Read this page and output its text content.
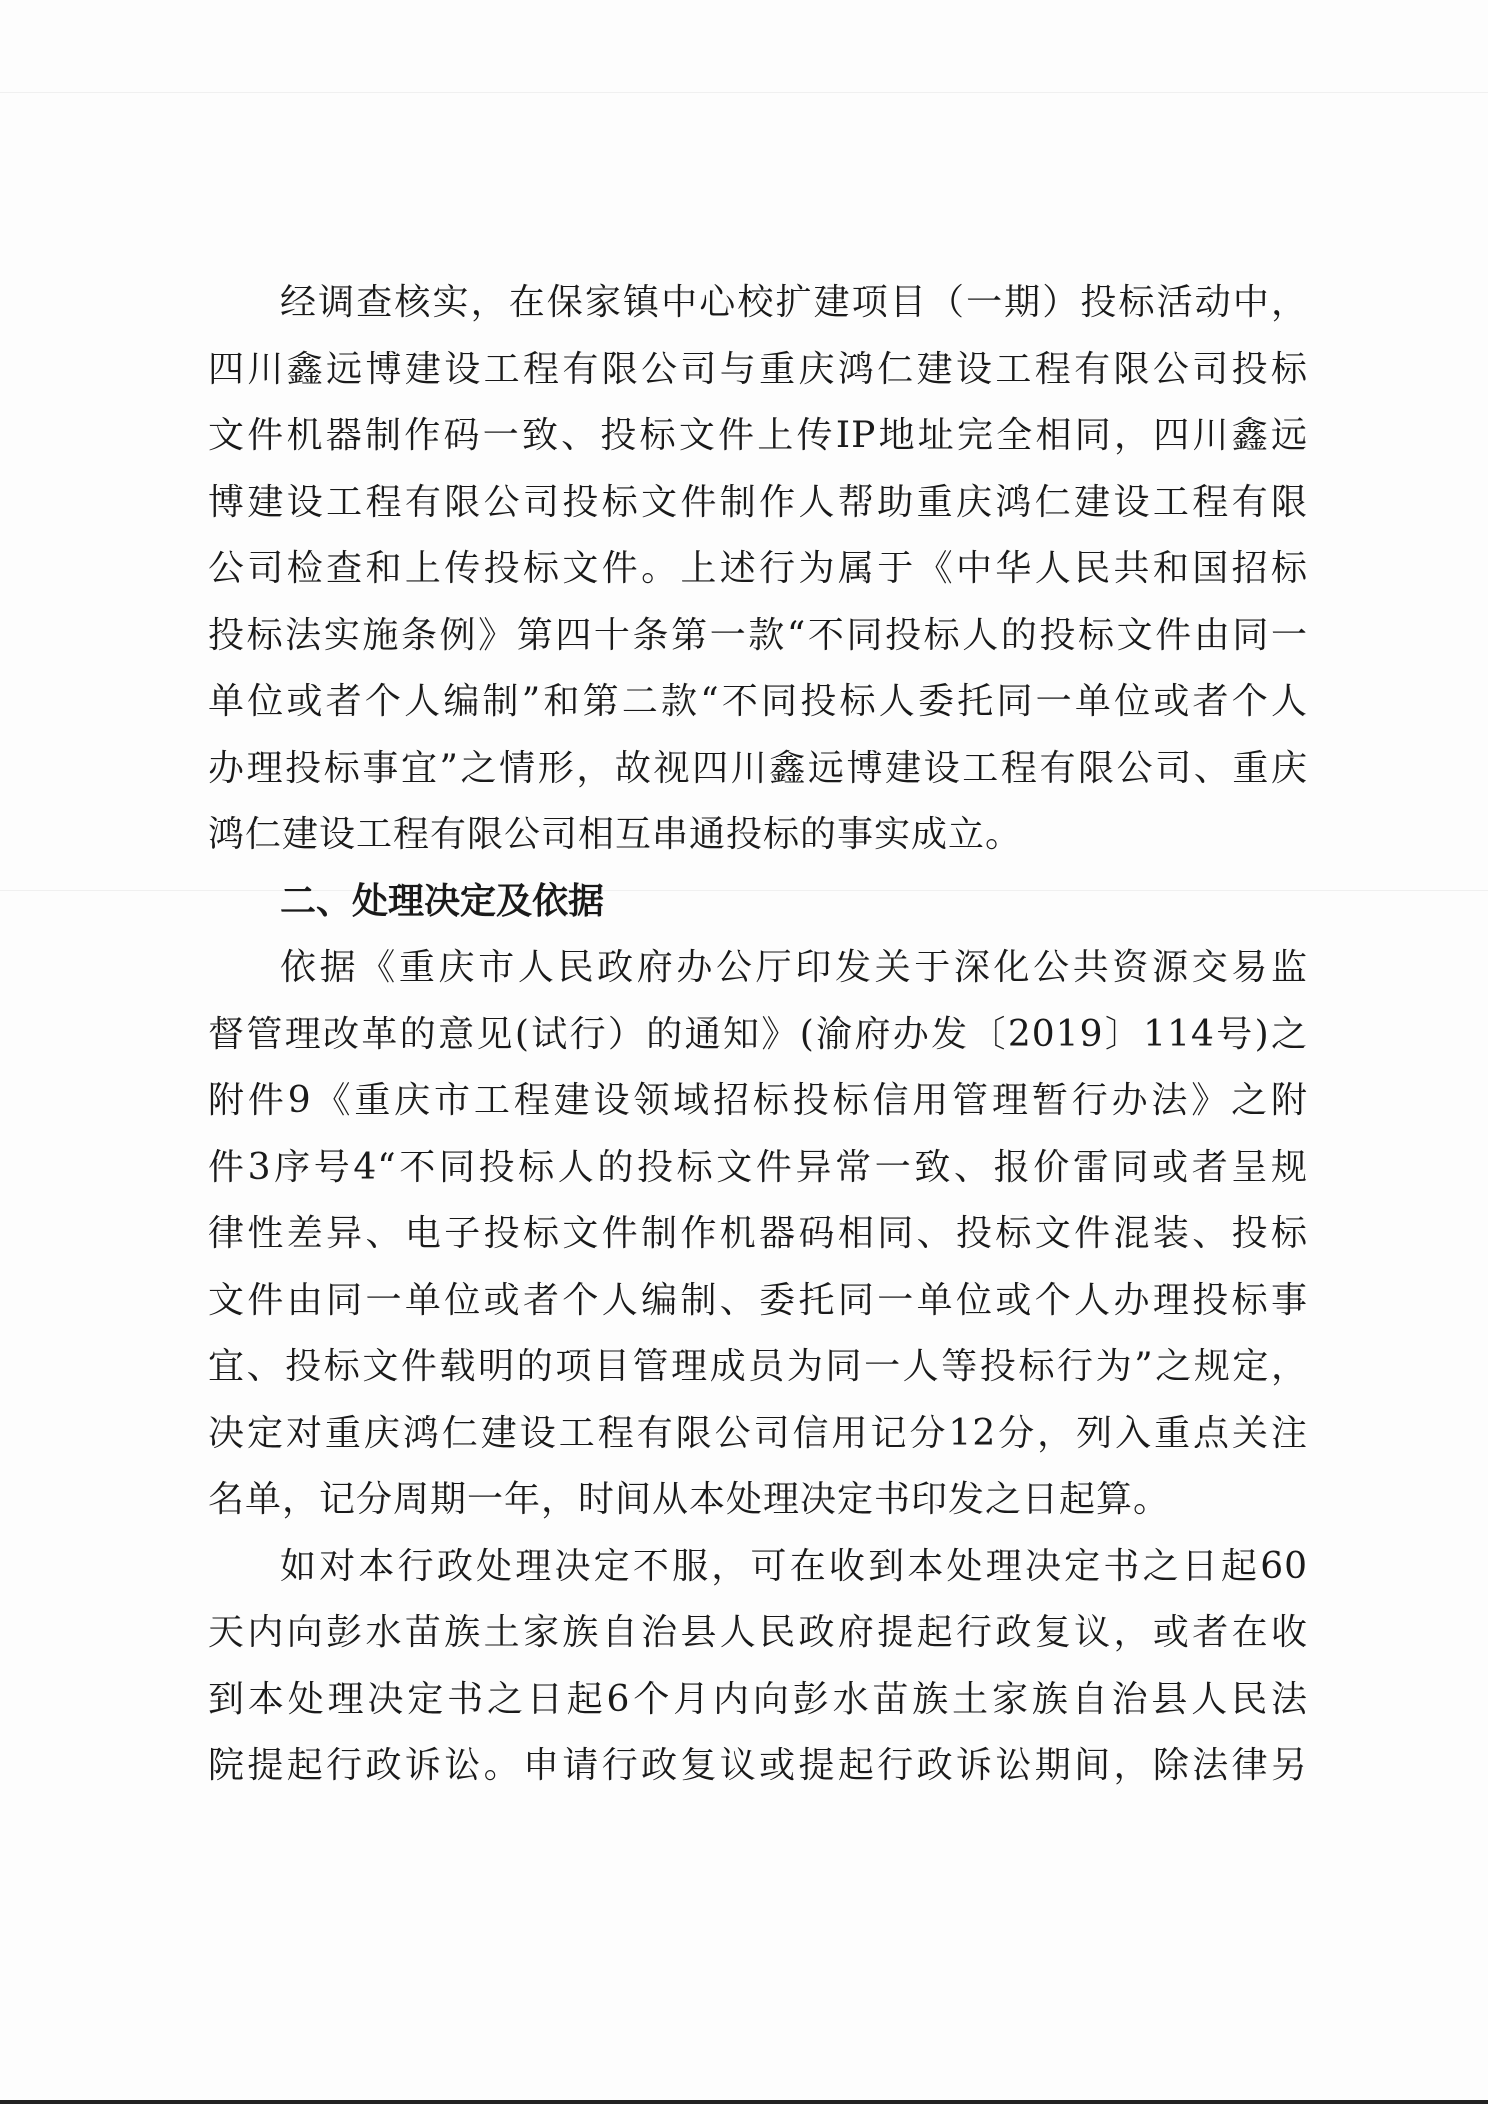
经调查核实，在保家镇中心校扩建项目（一期）投标活动中，
四川鑫远博建设工程有限公司与重庆鸿仁建设工程有限公司投标
文件机器制作码一致、投标文件上传IP地址完全相同，四川鑫远
博建设工程有限公司投标文件制作人帮助重庆鸿仁建设工程有限
公司检查和上传投标文件。上述行为属于《中华人民共和国招标
投标法实施条例》第四十条第一款“不同投标人的投标文件由同一
单位或者个人编制”和第二款“不同投标人委托同一单位或者个人
办理投标事宜”之情形，故视四川鑫远博建设工程有限公司、重庆
鸿仁建设工程有限公司相互串通投标的事实成立。
二、处理决定及依据
依据《重庆市人民政府办公厅印发关于深化公共资源交易监
督管理改革的意见(试行）的通知》(渝府办发〔2019〕114号)之
附件9《重庆市工程建设领域招标投标信用管理暂行办法》之附
件3序号4“不同投标人的投标文件异常一致、报价雷同或者呈规
律性差异、电子投标文件制作机器码相同、投标文件混装、投标
文件由同一单位或者个人编制、委托同一单位或个人办理投标事
宜、投标文件载明的项目管理成员为同一人等投标行为”之规定，
决定对重庆鸿仁建设工程有限公司信用记分12分，列入重点关注
名单，记分周期一年，时间从本处理决定书印发之日起算。
如对本行政处理决定不服，可在收到本处理决定书之日起60
天内向彭水苗族土家族自治县人民政府提起行政复议，或者在收
到本处理决定书之日起6个月内向彭水苗族土家族自治县人民法
院提起行政诉讼。申请行政复议或提起行政诉讼期间，除法律另
